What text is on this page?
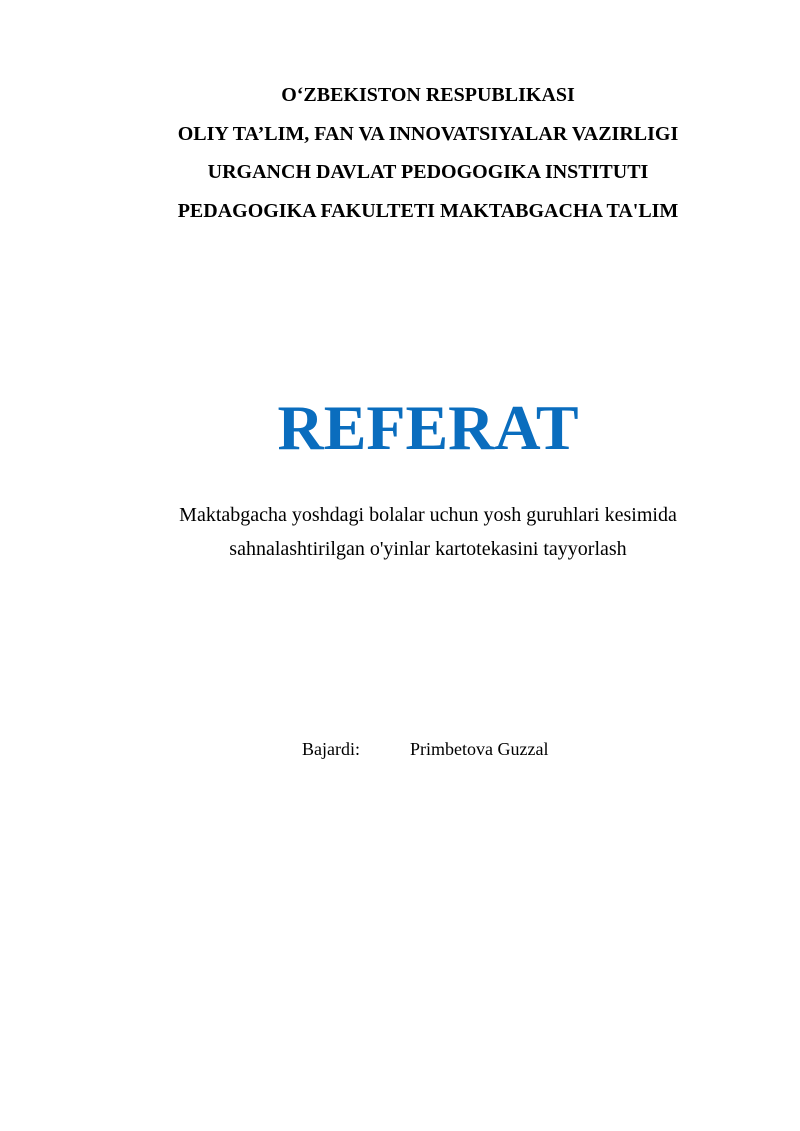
O‘ZBEKISTON RESPUBLIKASI
OLIY TA’LIM, FAN VA INNOVATSIYALAR VAZIRLIGI
URGANCH DAVLAT PEDOGOGIKA INSTITUTI
PEDAGOGIKA FAKULTETI MAKTABGACHA TA'LIM
REFERAT
Maktabgacha yoshdagi bolalar uchun yosh guruhlari kesimida
sahnalashtirilgan o'yinlar kartotekasini tayyorlash
Bajardi:	Primbetova Guzzal
